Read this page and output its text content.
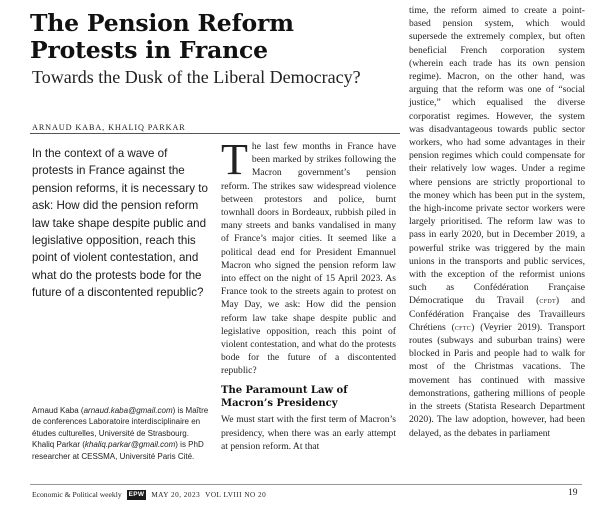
The Pension Reform Protests in France
Towards the Dusk of the Liberal Democracy?
ARNAUD KABA, KHALIQ PARKAR
In the context of a wave of protests in France against the pension reforms, it is necessary to ask: How did the pension reform law take shape despite public and legislative opposition, reach this point of violent contestation, and what do the protests bode for the future of a discontented republic?
Arnaud Kaba (arnaud.kaba@gmail.com) is Maître de conferences Laboratoire interdisciplinaire en études culturelles, Université de Strasbourg. Khaliq Parkar (khaliq.parkar@gmail.com) is PhD researcher at CESSMA, Université Paris Cité.

The last few months in France have been marked by strikes following the Macron government’s pension reform. The strikes saw widespread violence between protestors and police, burnt townhall doors in Bordeaux, rubbish piled in many streets and banks vandalised in many of France’s major cities. It seemed like a political dead end for President Emannuel Macron who signed the pension reform law into effect on the night of 15 April 2023. As France took to the streets again to protest on May Day, we ask: How did the pension reform law take shape despite public and legislative opposition, reach this point of violent contestation, and what do the protests bode for the future of a discontented republic?

The Paramount Law of Macron’s Presidency

We must start with the first term of Macron’s presidency, when there was an early attempt at pension reform. At that

time, the reform aimed to create a point-based pension system, which would supersede the extremely complex, but often beneficial French corporation system (wherein each trade has its own pension regime). Macron, on the other hand, was arguing that the reform was one of “social justice,” which equalised the diverse corporatist regimes. However, the system was disadvantageous towards public sector workers, who had some advantages in their pension regimes which could compensate for their relatively low wages. Under a regime where pensions are strictly proportional to the money which has been put in the system, the high-income private sector workers were largely prioritised. The reform law was to pass in early 2020, but in December 2019, a powerful strike was triggered by the main unions in the transports and public services, with the exception of the reformist unions such as Confédération Française Démocratique du Travail (cfdt) and Confédération Française des Travailleurs Chrétiens (cftc) (Veyrier 2019). Transport routes (subways and suburban trains) were blocked in Paris and people had to walk for most of the Christmas vacations. The movement has continued with massive demonstrations, gathering millions of people in the streets (Statista Research Department 2020). The law adoption, however, had been delayed, as the debates in parliament

Economic & Political weekly	EPW MAY 20, 2023 VOL LVIII NO 20	19
